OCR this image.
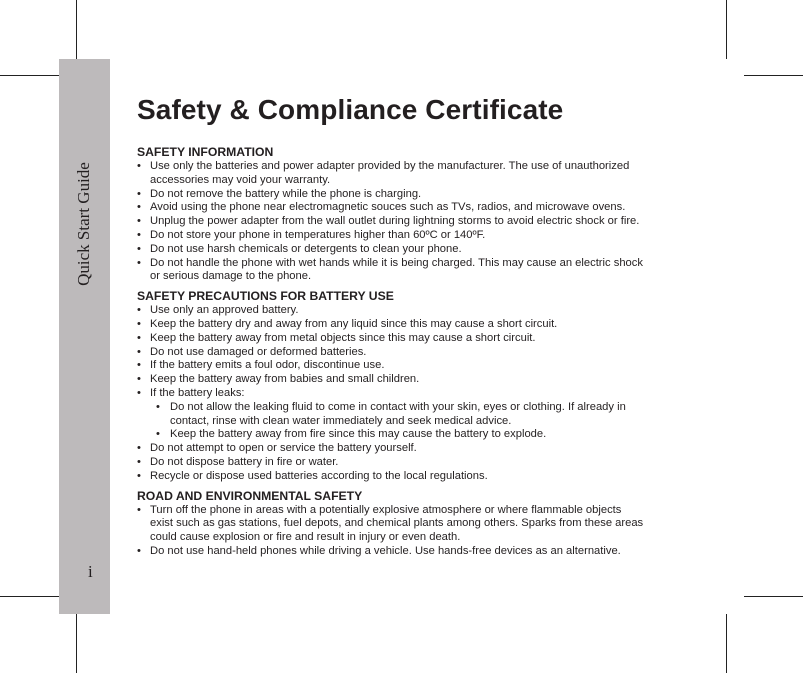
Quick Start Guide
i
Safety & Compliance Certificate
SAFETY INFORMATION
• Use only the batteries and power adapter provided by the manufacturer. The use of unauthorized
accessories may void your warranty.
• Do not remove the battery while the phone is charging.
• Avoid using the phone near electromagnetic souces such as TVs, radios, and microwave ovens.
• Unplug the power adapter from the wall outlet during lightning storms to avoid electric shock or fire.
• Do not store your phone in temperatures higher than 60ºC or 140ºF.
• Do not use harsh chemicals or detergents to clean your phone.
• Do not handle the phone with wet hands while it is being charged. This may cause an electric shock
or serious damage to the phone.
SAFETY PRECAUTIONS FOR BATTERY USE
• Use only an approved battery.
• Keep the battery dry and away from any liquid since this may cause a short circuit.
• Keep the battery away from metal objects since this may cause a short circuit.
• Do not use damaged or deformed batteries.
• If the battery emits a foul odor, discontinue use.
• Keep the battery away from babies and small children.
• If the battery leaks:
• Do not allow the leaking fluid to come in contact with your skin, eyes or clothing. If already in
contact, rinse with clean water immediately and seek medical advice.
• Keep the battery away from fire since this may cause the battery to explode.
• Do not attempt to open or service the battery yourself.
• Do not dispose battery in fire or water.
• Recycle or dispose used batteries according to the local regulations.
ROAD AND ENVIRONMENTAL SAFETY
• Turn off the phone in areas with a potentially explosive atmosphere or where flammable objects
exist such as gas stations, fuel depots, and chemical plants among others. Sparks from these areas
could cause explosion or fire and result in injury or even death.
• Do not use hand-held phones while driving a vehicle. Use hands-free devices as an alternative.
